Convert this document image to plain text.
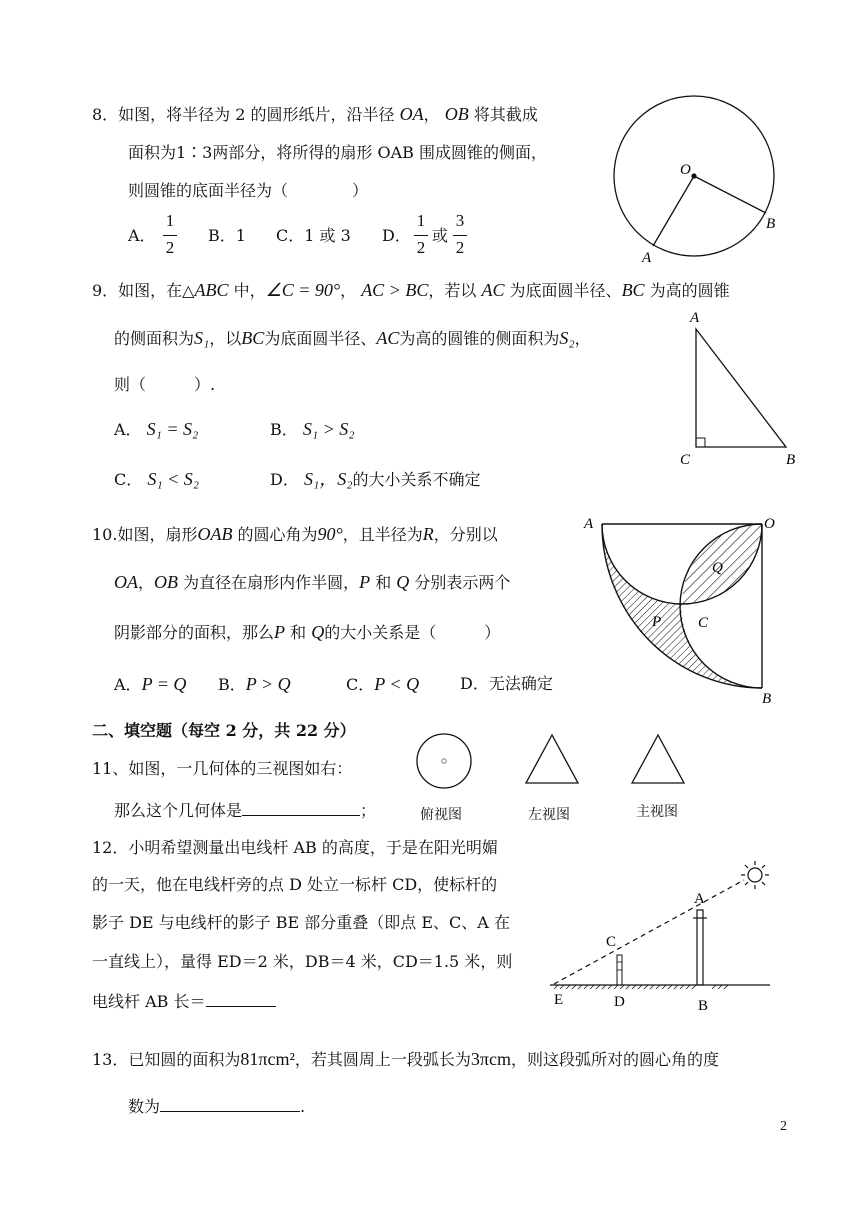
8．如图，将半径为 2 的圆形纸片，沿半径 OA， OB 将其截成
面积为1∶3两部分，将所得的扇形 OAB 围成圆锥的侧面，
则圆锥的底面半径为（　　　　）
A．
1
2
B．1 C．1 或 3 D．
1
2
或
3
2
O
A
B
9．如图，在△ABC 中，∠C = 90°， AC > BC，若以 AC 为底面圆半径、BC 为高的圆锥
的侧面积为S₁，以BC为底面圆半径、AC为高的圆锥的侧面积为S₂，
则（　　　）.
A． S₁ = S₂	B． S₁ > S₂
C． S₁ < S₂	D． S₁，S₂的大小关系不确定
A
C	B
10.如图，扇形OAB 的圆心角为90°，且半径为R，分别以
OA，OB 为直径在扇形内作半圆，P 和 Q 分别表示两个
阴影部分的面积，那么P 和 Q的大小关系是（　　　）
A．P = Q B．P > Q	C．P < Q	D．无法确定
A	O
B
P
Q
C
二、填空题（每空 2 分，共 22 分）
11、如图，一几何体的三视图如右：
那么这个几何体是	；	俯视图	左视图	主视图
12．小明希望测量出电线杆 AB 的高度，于是在阳光明媚
的一天，他在电线杆旁的点 D 处立一标杆 CD，使标杆的
影子 DE 与电线杆的影子 BE 部分重叠（即点 E、C、A 在
一直线上），量得 ED＝2 米，DB＝4 米，CD＝1.5 米，则
电线杆 AB 长＝
A
C
E	D	B
13．已知圆的面积为81πcm²，若其圆周上一段弧长为3πcm，则这段弧所对的圆心角的度
数为	.
2
